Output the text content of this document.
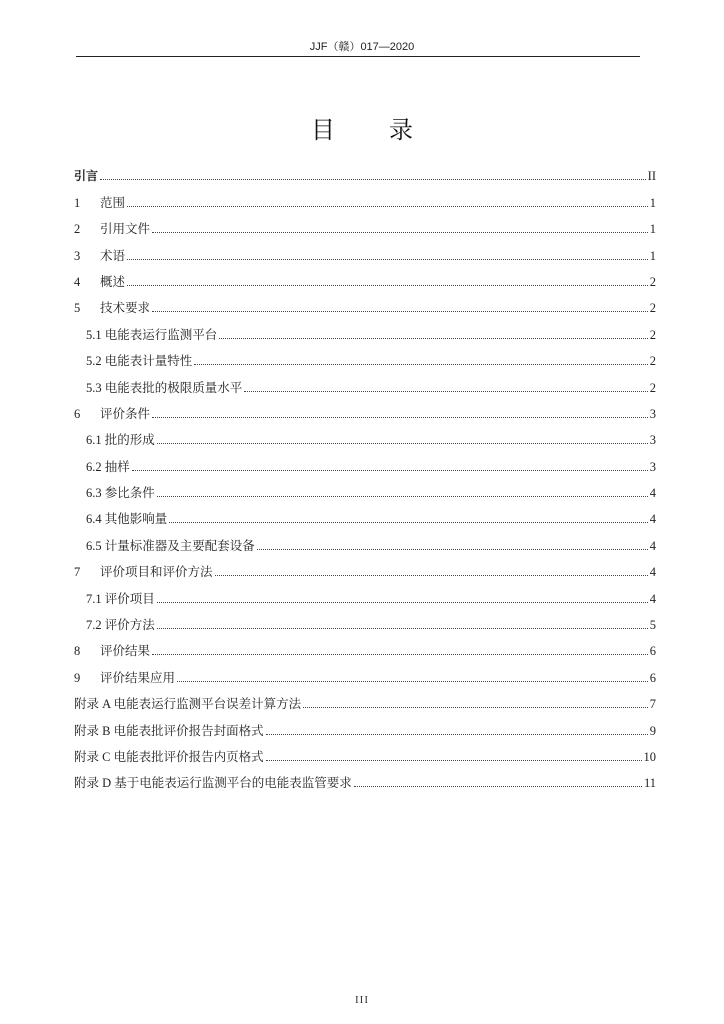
JJF（赣）017—2020
目录
引言	II
1	范围	1
2	引用文件	1
3	术语	1
4	概述	2
5	技术要求	2
5.1 电能表运行监测平台	2
5.2 电能表计量特性	2
5.3 电能表批的极限质量水平	2
6	评价条件	3
6.1 批的形成	3
6.2 抽样	3
6.3 参比条件	4
6.4 其他影响量	4
6.5 计量标准器及主要配套设备	4
7	评价项目和评价方法	4
7.1 评价项目	4
7.2 评价方法	5
8	评价结果	6
9	评价结果应用	6
附录 A 电能表运行监测平台误差计算方法	7
附录 B 电能表批评价报告封面格式	9
附录 C 电能表批评价报告内页格式	10
附录 D 基于电能表运行监测平台的电能表监管要求	11
III
